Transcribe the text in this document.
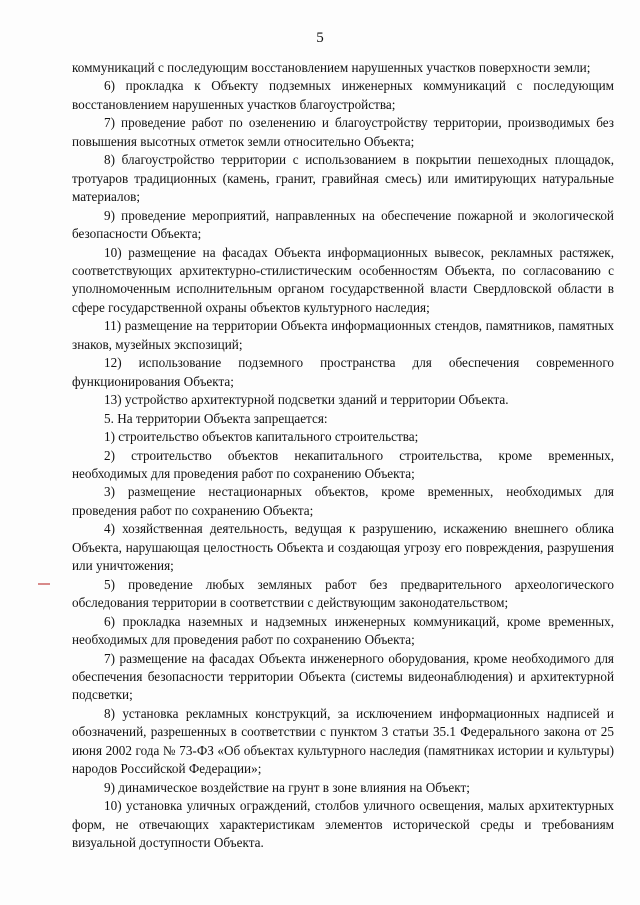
5

коммуникаций с последующим восстановлением нарушенных участков поверхности земли;

6) прокладка к Объекту подземных инженерных коммуникаций с последующим восстановлением нарушенных участков благоустройства;

7) проведение работ по озеленению и благоустройству территории, производимых без повышения высотных отметок земли относительно Объекта;

8) благоустройство территории с использованием в покрытии пешеходных площадок, тротуаров традиционных (камень, гранит, гравийная смесь) или имитирующих натуральные материалов;

9) проведение мероприятий, направленных на обеспечение пожарной и экологической безопасности Объекта;

10) размещение на фасадах Объекта информационных вывесок, рекламных растяжек, соответствующих архитектурно-стилистическим особенностям Объекта, по согласованию с уполномоченным исполнительным органом государственной власти Свердловской области в сфере государственной охраны объектов культурного наследия;

11) размещение на территории Объекта информационных стендов, памятников, памятных знаков, музейных экспозиций;

12) использование подземного пространства для обеспечения современного функционирования Объекта;

13) устройство архитектурной подсветки зданий и территории Объекта.

5. На территории Объекта запрещается:

1) строительство объектов капитального строительства;

2) строительство объектов некапитального строительства, кроме временных, необходимых для проведения работ по сохранению Объекта;

3) размещение нестационарных объектов, кроме временных, необходимых для проведения работ по сохранению Объекта;

4) хозяйственная деятельность, ведущая к разрушению, искажению внешнего облика Объекта, нарушающая целостность Объекта и создающая угрозу его повреждения, разрушения или уничтожения;

5) проведение любых земляных работ без предварительного археологического обследования территории в соответствии с действующим законодательством;

6) прокладка наземных и надземных инженерных коммуникаций, кроме временных, необходимых для проведения работ по сохранению Объекта;

7) размещение на фасадах Объекта инженерного оборудования, кроме необходимого для обеспечения безопасности территории Объекта (системы видеонаблюдения) и архитектурной подсветки;

8) установка рекламных конструкций, за исключением информационных надписей и обозначений, разрешенных в соответствии с пунктом 3 статьи 35.1 Федерального закона от 25 июня 2002 года № 73-ФЗ «Об объектах культурного наследия (памятниках истории и культуры) народов Российской Федерации»;

9) динамическое воздействие на грунт в зоне влияния на Объект;

10) установка уличных ограждений, столбов уличного освещения, малых архитектурных форм, не отвечающих характеристикам элементов исторической среды и требованиям визуальной доступности Объекта.
